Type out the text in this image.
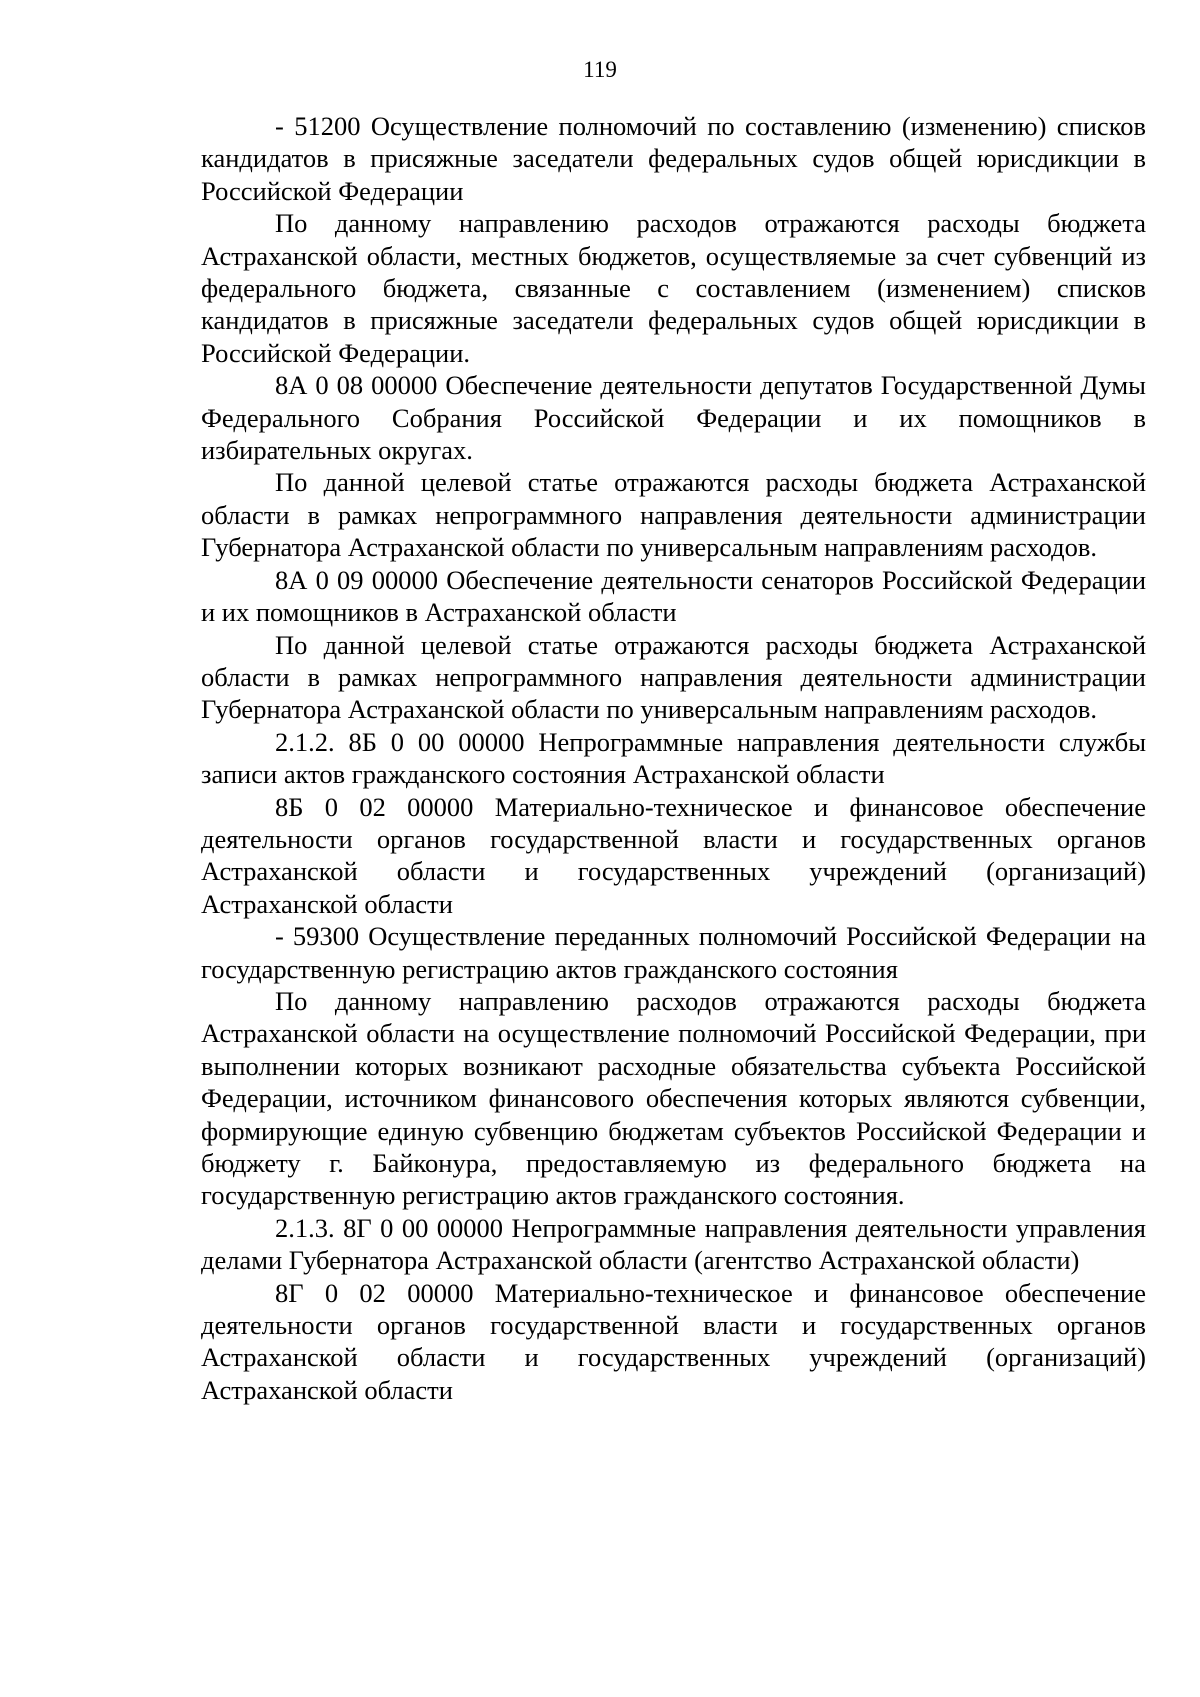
119

- 51200 Осуществление полномочий по составлению (изменению) списков кандидатов в присяжные заседатели федеральных судов общей юрисдикции в Российской Федерации

По данному направлению расходов отражаются расходы бюджета Астраханской области, местных бюджетов, осуществляемые за счет субвенций из федерального бюджета, связанные с составлением (изменением) списков кандидатов в присяжные заседатели федеральных судов общей юрисдикции в Российской Федерации.

8А 0 08 00000 Обеспечение деятельности депутатов Государственной Думы Федерального Собрания Российской Федерации и их помощников в избирательных округах.

По данной целевой статье отражаются расходы бюджета Астраханской области в рамках непрограммного направления деятельности администрации Губернатора Астраханской области по универсальным направлениям расходов.

8А 0 09 00000 Обеспечение деятельности сенаторов Российской Федерации и их помощников в Астраханской области

По данной целевой статье отражаются расходы бюджета Астраханской области в рамках непрограммного направления деятельности администрации Губернатора Астраханской области по универсальным направлениям расходов.

2.1.2. 8Б 0 00 00000 Непрограммные направления деятельности службы записи актов гражданского состояния Астраханской области

8Б 0 02 00000 Материально-техническое и финансовое обеспечение деятельности органов государственной власти и государственных органов Астраханской области и государственных учреждений (организаций) Астраханской области

- 59300 Осуществление переданных полномочий Российской Федерации на государственную регистрацию актов гражданского состояния

По данному направлению расходов отражаются расходы бюджета Астраханской области на осуществление полномочий Российской Федерации, при выполнении которых возникают расходные обязательства субъекта Российской Федерации, источником финансового обеспечения которых являются субвенции, формирующие единую субвенцию бюджетам субъектов Российской Федерации и бюджету г. Байконура, предоставляемую из федерального бюджета на государственную регистрацию актов гражданского состояния.

2.1.3. 8Г 0 00 00000 Непрограммные направления деятельности управления делами Губернатора Астраханской области (агентство Астраханской области)

8Г 0 02 00000 Материально-техническое и финансовое обеспечение деятельности органов государственной власти и государственных органов Астраханской области и государственных учреждений (организаций) Астраханской области
